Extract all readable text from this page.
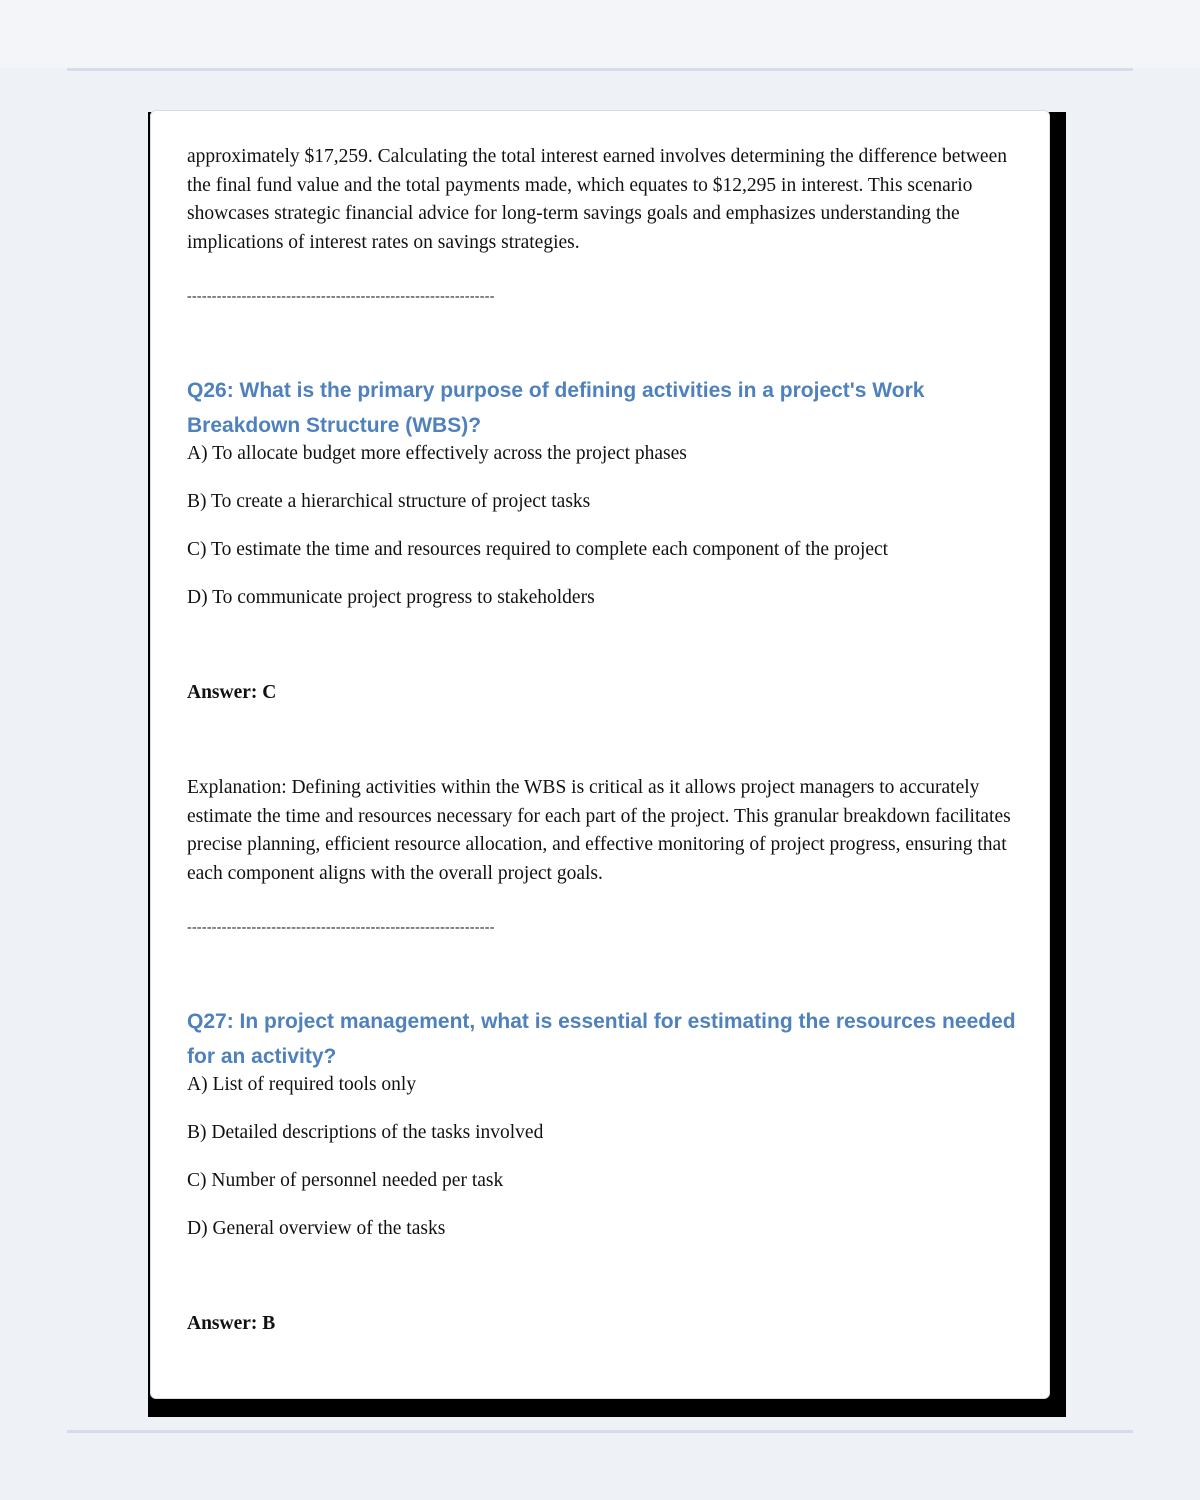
approximately $17,259. Calculating the total interest earned involves determining the difference between the final fund value and the total payments made, which equates to $12,295 in interest. This scenario showcases strategic financial advice for long-term savings goals and emphasizes understanding the implications of interest rates on savings strategies.

--------------------------------------------------------------

Q26: What is the primary purpose of defining activities in a project's Work Breakdown Structure (WBS)?

A) To allocate budget more effectively across the project phases

B) To create a hierarchical structure of project tasks

C) To estimate the time and resources required to complete each component of the project

D) To communicate project progress to stakeholders

Answer: C

Explanation: Defining activities within the WBS is critical as it allows project managers to accurately estimate the time and resources necessary for each part of the project. This granular breakdown facilitates precise planning, efficient resource allocation, and effective monitoring of project progress, ensuring that each component aligns with the overall project goals.

--------------------------------------------------------------

Q27: In project management, what is essential for estimating the resources needed for an activity?

A) List of required tools only

B) Detailed descriptions of the tasks involved

C) Number of personnel needed per task

D) General overview of the tasks

Answer: B
